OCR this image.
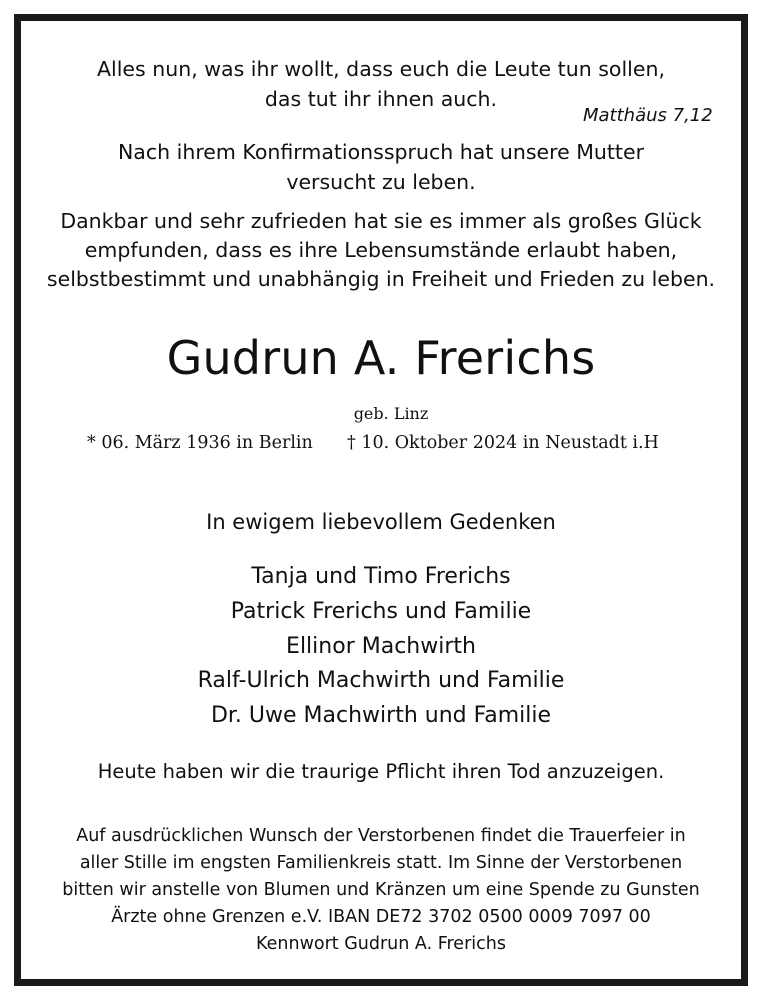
Alles nun, was ihr wollt, dass euch die Leute tun sollen,
das tut ihr ihnen auch.
Matthäus 7,12
Nach ihrem Konfirmationsspruch hat unsere Mutter
versucht zu leben.
Dankbar und sehr zufrieden hat sie es immer als großes Glück
empfunden, dass es ihre Lebensumstände erlaubt haben,
selbstbestimmt und unabhängig in Freiheit und Frieden zu leben.
Gudrun A. Frerichs
geb. Linz
* 06. März 1936 in Berlin † 10. Oktober 2024 in Neustadt i.H
In ewigem liebevollem Gedenken
Tanja und Timo Frerichs
Patrick Frerichs und Familie
Ellinor Machwirth
Ralf-Ulrich Machwirth und Familie
Dr. Uwe Machwirth und Familie
Heute haben wir die traurige Pflicht ihren Tod anzuzeigen.
Auf ausdrücklichen Wunsch der Verstorbenen findet die Trauerfeier in
aller Stille im engsten Familienkreis statt. Im Sinne der Verstorbenen
bitten wir anstelle von Blumen und Kränzen um eine Spende zu Gunsten
Ärzte ohne Grenzen e.V. IBAN DE72 3702 0500 0009 7097 00
Kennwort Gudrun A. Frerichs
